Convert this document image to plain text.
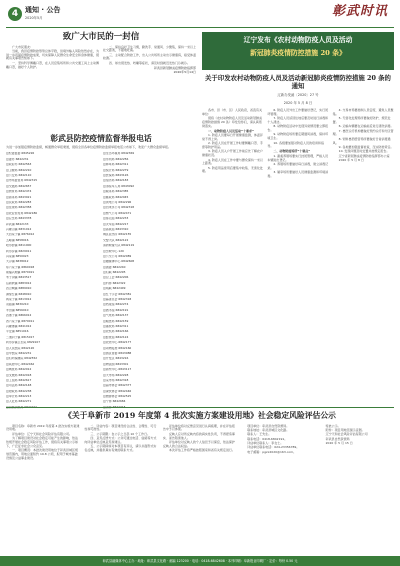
4 通知 · 公告
2020年5月	彰武时讯
致广大市民的一封信

广大市民朋友：

当前，我县疫情防控形势总体平稳，但境外输入风险依然存在，为进一步巩固疫情防控成果，切实保障人民群众生命安全和身体健康，现就有关事项告知如下。

一、坚持科学佩戴口罩，在人员密集场所和公共交通工具上主动佩戴口罩，做好个人防护。

二、保持良好卫生习惯，勤洗手、常通风、少聚集，保持一米以上社交距离，不随地吐痰。

三、主动配合防控工作，出入公共场所主动出示健康码，接受体温检测。

四、如出现发热、咳嗽等症状，请及时到就近发热门诊就诊。

彰武县新冠肺炎疫情防控指挥部
2020年5月14日
彰武县防控疫情监督举报电话
为进一步加强疫情防控监督，畅通群众举报渠道，现将全县各单位疫情防控监督举报电话公布如下，欢迎广大群众监督举报。
县纪委监委 6845226
县委办 6842231
县政府办 6842563
县卫健局 6842210
县公安局 6842110
县市场监管局 6842315
县交通局 6842657
县教育局 6842474
县商务局 6843021
县民政局 6842283
县住建局 6842358
县农业农村局 6842186
县应急局 6843378
彰武镇 6842133
兴隆山镇 6831012
大四家子镇 6876012
五峰镇 6858016
哈尔套镇 6811000
阿尔乡镇 6829011
冯家镇 6850023
大冷镇 6838012
东六家子镇 6860018
前福兴地镇 6870021
苇子沟镇 6843517
后新秋镇 6883012
四合城镇 6889010
满堂红镇 6848010
两家子镇 6813012
双庙镇 6830210
丰田镇 6856010
四堡子镇 6866012
西六家子镇 6879011
兴隆堡镇 6841012
平安镇 6851016
二道河子镇 6815017
阿尔乡镇卫生院 6829107
县人民医院 6842120
县中医院 6842231
县妇幼保健院 6842552
县疾控中心 6842462
县城管局 6842012
县文旅局 6842018
县工信局 6842617
县司法局 6842148
县财政局 6842238
县审计局 6842213
县人社局 6842271
县生态环境局 6842369
县水利局 6842256
县林草局 6842311
县统计局 6842279
县医保局 6843126
县信访局 6842183
县退役军人局 6843092
县税务局 6842385
县邮政局 6842045
县供电公司 6842296
县自来水公司 6842318
县燃气公司 6842471
县客运站 6842233
县火车站 6842217
县高铁站 6843310
城区派出所 6842155
交警大队 6842122
消防救援大队 6842119
县急救中心 120
县公交公司 6842089
县融媒体中心 6842608
县团委 6842240
县妇联 6842295
县总工会 6842206
县科协 6842322
县残联 6842409
县红十字会 6842381
县慈善总会 6842318
县档案馆 6842274
县图书馆 6842191
县气象局 6842137
县粮食局 6842159
县畜牧局 6842311
县农机局 6842166
县经管站 6842124
县农技中心 6842177
县动物疫控 6842160
县园区管委 6843088
县开发区 6843216
县物流园 6843301
县商贸中心 6843117
县大市场 6842228
县菜市场 6842318
县超市协会 6842377
县餐饮协会 6842446
县旅游协会 6842525
县个协 6842684
辽宁发布《农村动物防疫人员及活动
新冠肺炎疫情防控措施 20 条》
关于印发农村动物防疫人员及活动新冠肺炎疫情防控措施 20 条的通知
辽新办发函〔2020〕27 号
2020 年 5 月 8 日

各市、县（市、区）人民政府，省直有关单位：

现将《农村动物防疫人员及活动新冠肺炎疫情防控措施 20 条》印发给你们，请认真贯彻落实。

一、动物防疫人员及活动“十要求”

1. 防疫人员要每日开展健康监测，体温异常不得上岗。

2. 防疫人员在开展工作时要佩戴口罩、手套等防护用品。

3. 防疫人员入户开展工作前应先了解农户健康状况。

4. 防疫人员在工作中要与群众保持一米以上距离。

5. 防疫用品使用后要集中收集、无害化处理。

6. 防疫人员外出工作要做好登记，实行闭环管理。

7. 防疫人员返回住地后要及时进行消毒和个人清洁。

8. 动物防疫活动中发现异常情况要立即报告。

9. 动物防疫场所要定期通风消毒，保持环境卫生。

10. 各级要加强对防疫人员的培训和指导。

二、动物防疫场所“十要点”

1. 畜禽养殖场要实行封闭管理，严格人员车辆进出登记。

2. 养殖场所要做好每日消毒，建立消毒记录。

3. 屠宰场所要做好人员健康监测和环境消毒。

4. 交易市场要控制人员密度，避免人员聚集。

5. 无害化处理场所要做好防护，规范处置。

6. 运输车辆要在运输前后进行清洗消毒。

7. 兽医诊疗机构要做好预约诊疗和分区管理。

8. 饲料兽药经营场所要做好日常消毒通风。

9. 各地要加强监督检查，压实防控责任。

10. 发现问题及时处置并按规定报告。

辽宁省新冠肺炎疫情防控指挥部办公室

2020 年 5 月 8 日

《关于阜新市 2019 年度第 4 批次实施方案建设用地》社会稳定风险评估公示

项目名称：阜新市 2019 年度第 4 批次实施方案建设用地。

评估单位：辽宁天和社会风险评估有限公司。

为了解项目建设对社会稳定可能产生的影响，依法依规开展社会稳定风险评估工作，现将有关事项公示如下，广泛征求社会公众意见。

一、项目概况：本批次建设用地位于彰武县城区规划范围内，用地总面积约 19.8 公顷，拟用于城市基础设施及公益事业建设。

二、评估内容：项目建设的合法性、合理性、可行性和可控性。

三、公示期限：自公示之日起 10 个工作日。

四、意见反馈方式：公众可通过电话、信函等方式向评估单位反映意见和建议。

五、公示期间如对本项目有异议，请以书面形式实名反映，并提供真实有效的联系方式。

评估单位将对反馈意见进行认真梳理，并在评估报告中予以体现。

反映人应对所反映内容的真实性负责，不得捏造事实、诬告陷害他人。

评估单位对反映人的个人信息予以保密，依法保护反映人的合法权益。

本次评估工作将严格按照国家和省有关规定进行。

项目单位：彰武县自然资源局。

联系地址：彰武县城区文化路。

联系人：王先生。

联系电话：0418-6842191。

评估单位联系人：李女士。

评估单位联系电话：024-23356789。

电子邮箱：pgzx2020@163.com。

特此公示。

附件：项目用地范围示意图。

辽宁天和社会风险评估有限公司

彰武县自然资源局

2020 年 5 月 15 日

彰武县融媒体中心主办 · 地址：彰武县文化路 · 邮编 123200 · 电话：0418-6842608 · 本刊印刷：阜新报业印刷厂 · 定价：每份 0.50 元
